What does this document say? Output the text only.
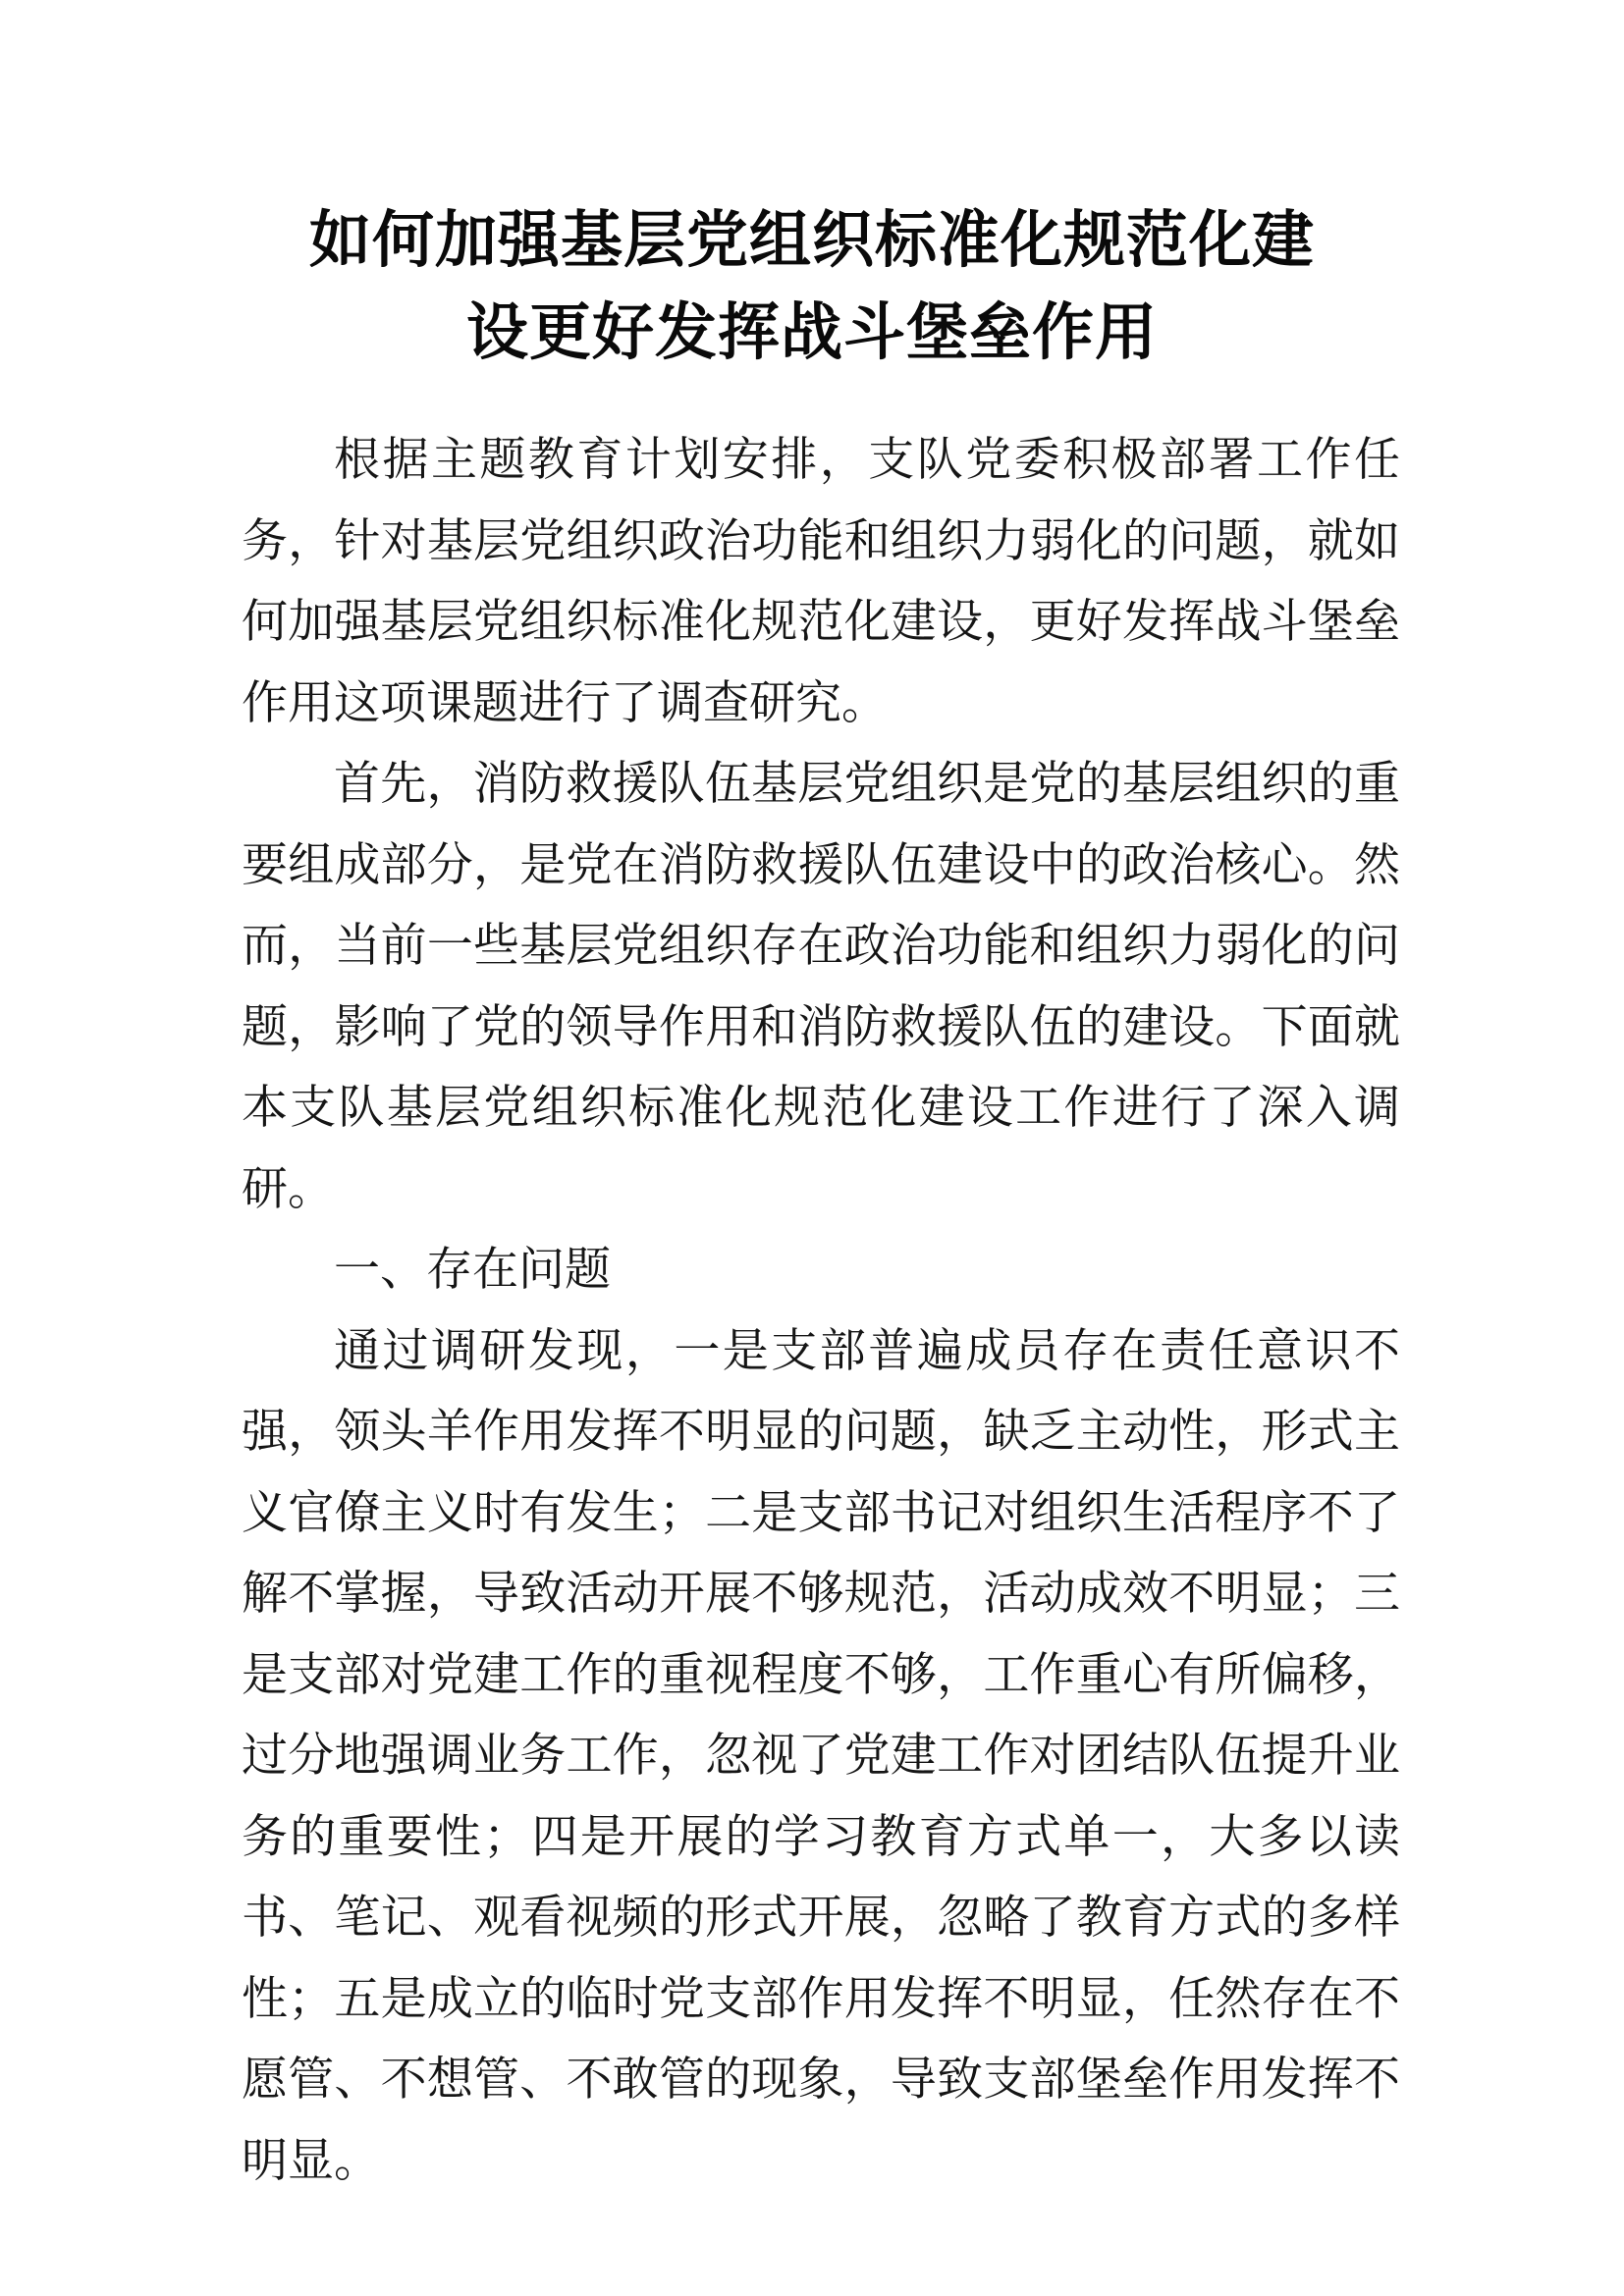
如何加强基层党组织标准化规范化建
设更好发挥战斗堡垒作用

根据主题教育计划安排，支队党委积极部署工作任务，针对基层党组织政治功能和组织力弱化的问题，就如何加强基层党组织标准化规范化建设，更好发挥战斗堡垒作用这项课题进行了调查研究。

首先，消防救援队伍基层党组织是党的基层组织的重要组成部分，是党在消防救援队伍建设中的政治核心。然而，当前一些基层党组织存在政治功能和组织力弱化的问题，影响了党的领导作用和消防救援队伍的建设。下面就本支队基层党组织标准化规范化建设工作进行了深入调研。

一、存在问题

通过调研发现，一是支部普遍成员存在责任意识不强，领头羊作用发挥不明显的问题，缺乏主动性，形式主义官僚主义时有发生；二是支部书记对组织生活程序不了解不掌握，导致活动开展不够规范，活动成效不明显；三是支部对党建工作的重视程度不够，工作重心有所偏移，过分地强调业务工作，忽视了党建工作对团结队伍提升业务的重要性；四是开展的学习教育方式单一，大多以读书、笔记、观看视频的形式开展，忽略了教育方式的多样性；五是成立的临时党支部作用发挥不明显，任然存在不愿管、不想管、不敢管的现象，导致支部堡垒作用发挥不明显。
